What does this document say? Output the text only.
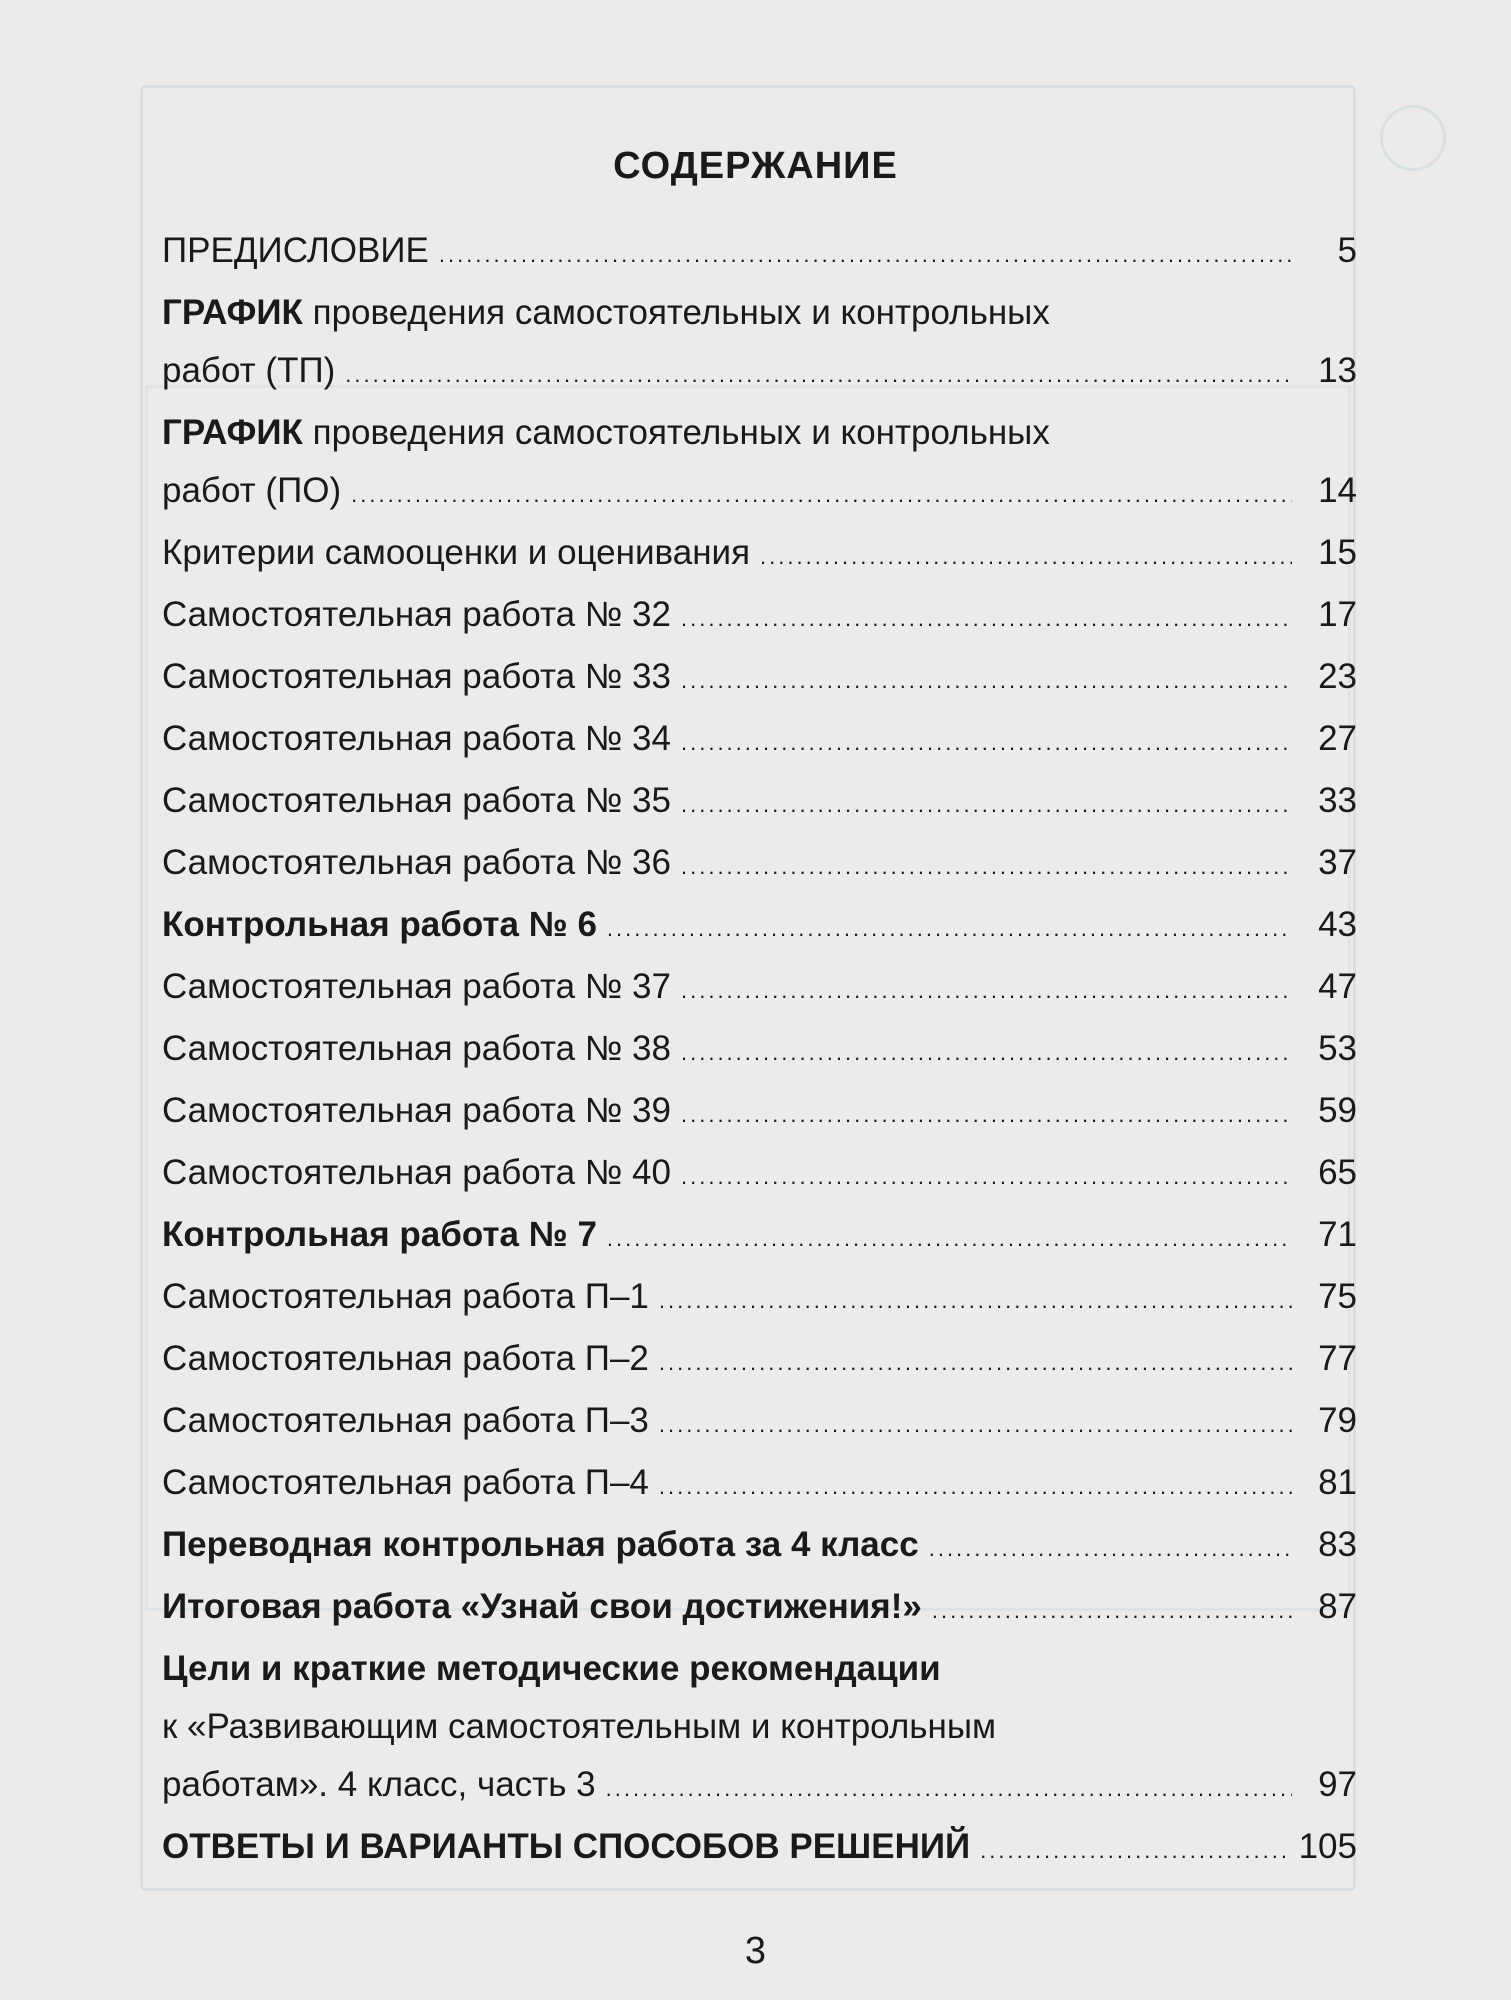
СОДЕРЖАНИЕ
ПРЕДИСЛОВИЕ .....	5
ГРАФИК проведения самостоятельных и контрольных
работ (ТП) .....	13
ГРАФИК проведения самостоятельных и контрольных
работ (ПО) .....	14
Критерии самооценки и оценивания .....	15
Самостоятельная работа № 32 .....	17
Самостоятельная работа № 33 .....	23
Самостоятельная работа № 34 .....	27
Самостоятельная работа № 35 .....	33
Самостоятельная работа № 36 .....	37
Контрольная работа № 6 .....	43
Самостоятельная работа № 37 .....	47
Самостоятельная работа № 38 .....	53
Самостоятельная работа № 39 .....	59
Самостоятельная работа № 40 .....	65
Контрольная работа № 7 .....	71
Самостоятельная работа П–1 .....	75
Самостоятельная работа П–2 .....	77
Самостоятельная работа П–3 .....	79
Самостоятельная работа П–4 .....	81
Переводная контрольная работа за 4 класс .....	83
Итоговая работа «Узнай свои достижения!» .....	87
Цели и краткие методические рекомендации
к «Развивающим самостоятельным и контрольным
работам». 4 класс, часть 3 .....	97
ОТВЕТЫ И ВАРИАНТЫ СПОСОБОВ РЕШЕНИЙ .....	105
3
